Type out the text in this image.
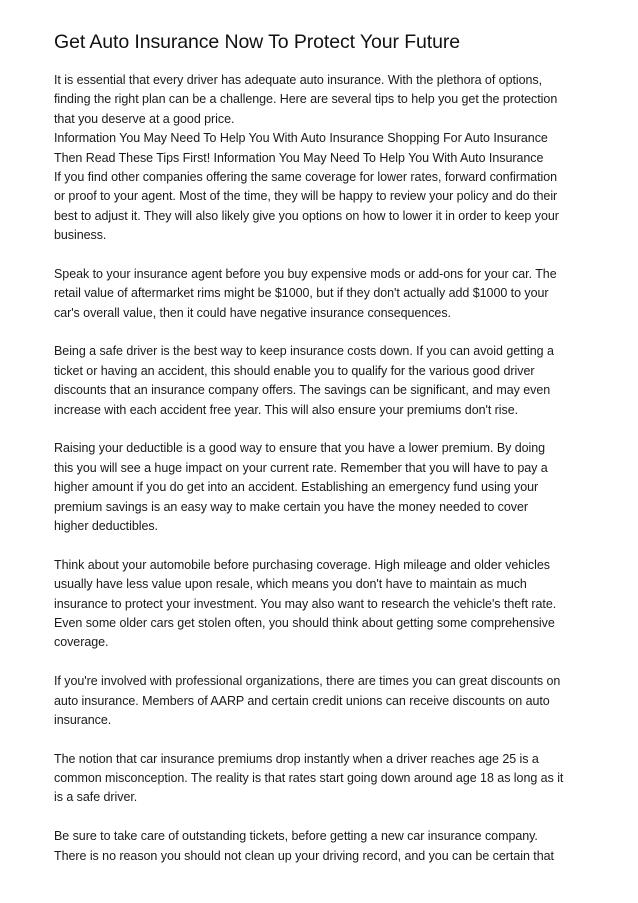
Get Auto Insurance Now To Protect Your Future
It is essential that every driver has adequate auto insurance. With the plethora of options,
finding the right plan can be a challenge. Here are several tips to help you get the protection
that you deserve at a good price.
Information You May Need To Help You With Auto Insurance Shopping For Auto Insurance
Then Read These Tips First! Information You May Need To Help You With Auto Insurance
If you find other companies offering the same coverage for lower rates, forward confirmation
or proof to your agent. Most of the time, they will be happy to review your policy and do their
best to adjust it. They will also likely give you options on how to lower it in order to keep your
business.
Speak to your insurance agent before you buy expensive mods or add-ons for your car. The
retail value of aftermarket rims might be $1000, but if they don't actually add $1000 to your
car's overall value, then it could have negative insurance consequences.
Being a safe driver is the best way to keep insurance costs down. If you can avoid getting a
ticket or having an accident, this should enable you to qualify for the various good driver
discounts that an insurance company offers. The savings can be significant, and may even
increase with each accident free year. This will also ensure your premiums don't rise.
Raising your deductible is a good way to ensure that you have a lower premium. By doing
this you will see a huge impact on your current rate. Remember that you will have to pay a
higher amount if you do get into an accident. Establishing an emergency fund using your
premium savings is an easy way to make certain you have the money needed to cover
higher deductibles.
Think about your automobile before purchasing coverage. High mileage and older vehicles
usually have less value upon resale, which means you don't have to maintain as much
insurance to protect your investment. You may also want to research the vehicle's theft rate.
Even some older cars get stolen often, you should think about getting some comprehensive
coverage.
If you're involved with professional organizations, there are times you can great discounts on
auto insurance. Members of AARP and certain credit unions can receive discounts on auto
insurance.
The notion that car insurance premiums drop instantly when a driver reaches age 25 is a
common misconception. The reality is that rates start going down around age 18 as long as it
is a safe driver.
Be sure to take care of outstanding tickets, before getting a new car insurance company.
There is no reason you should not clean up your driving record, and you can be certain that
